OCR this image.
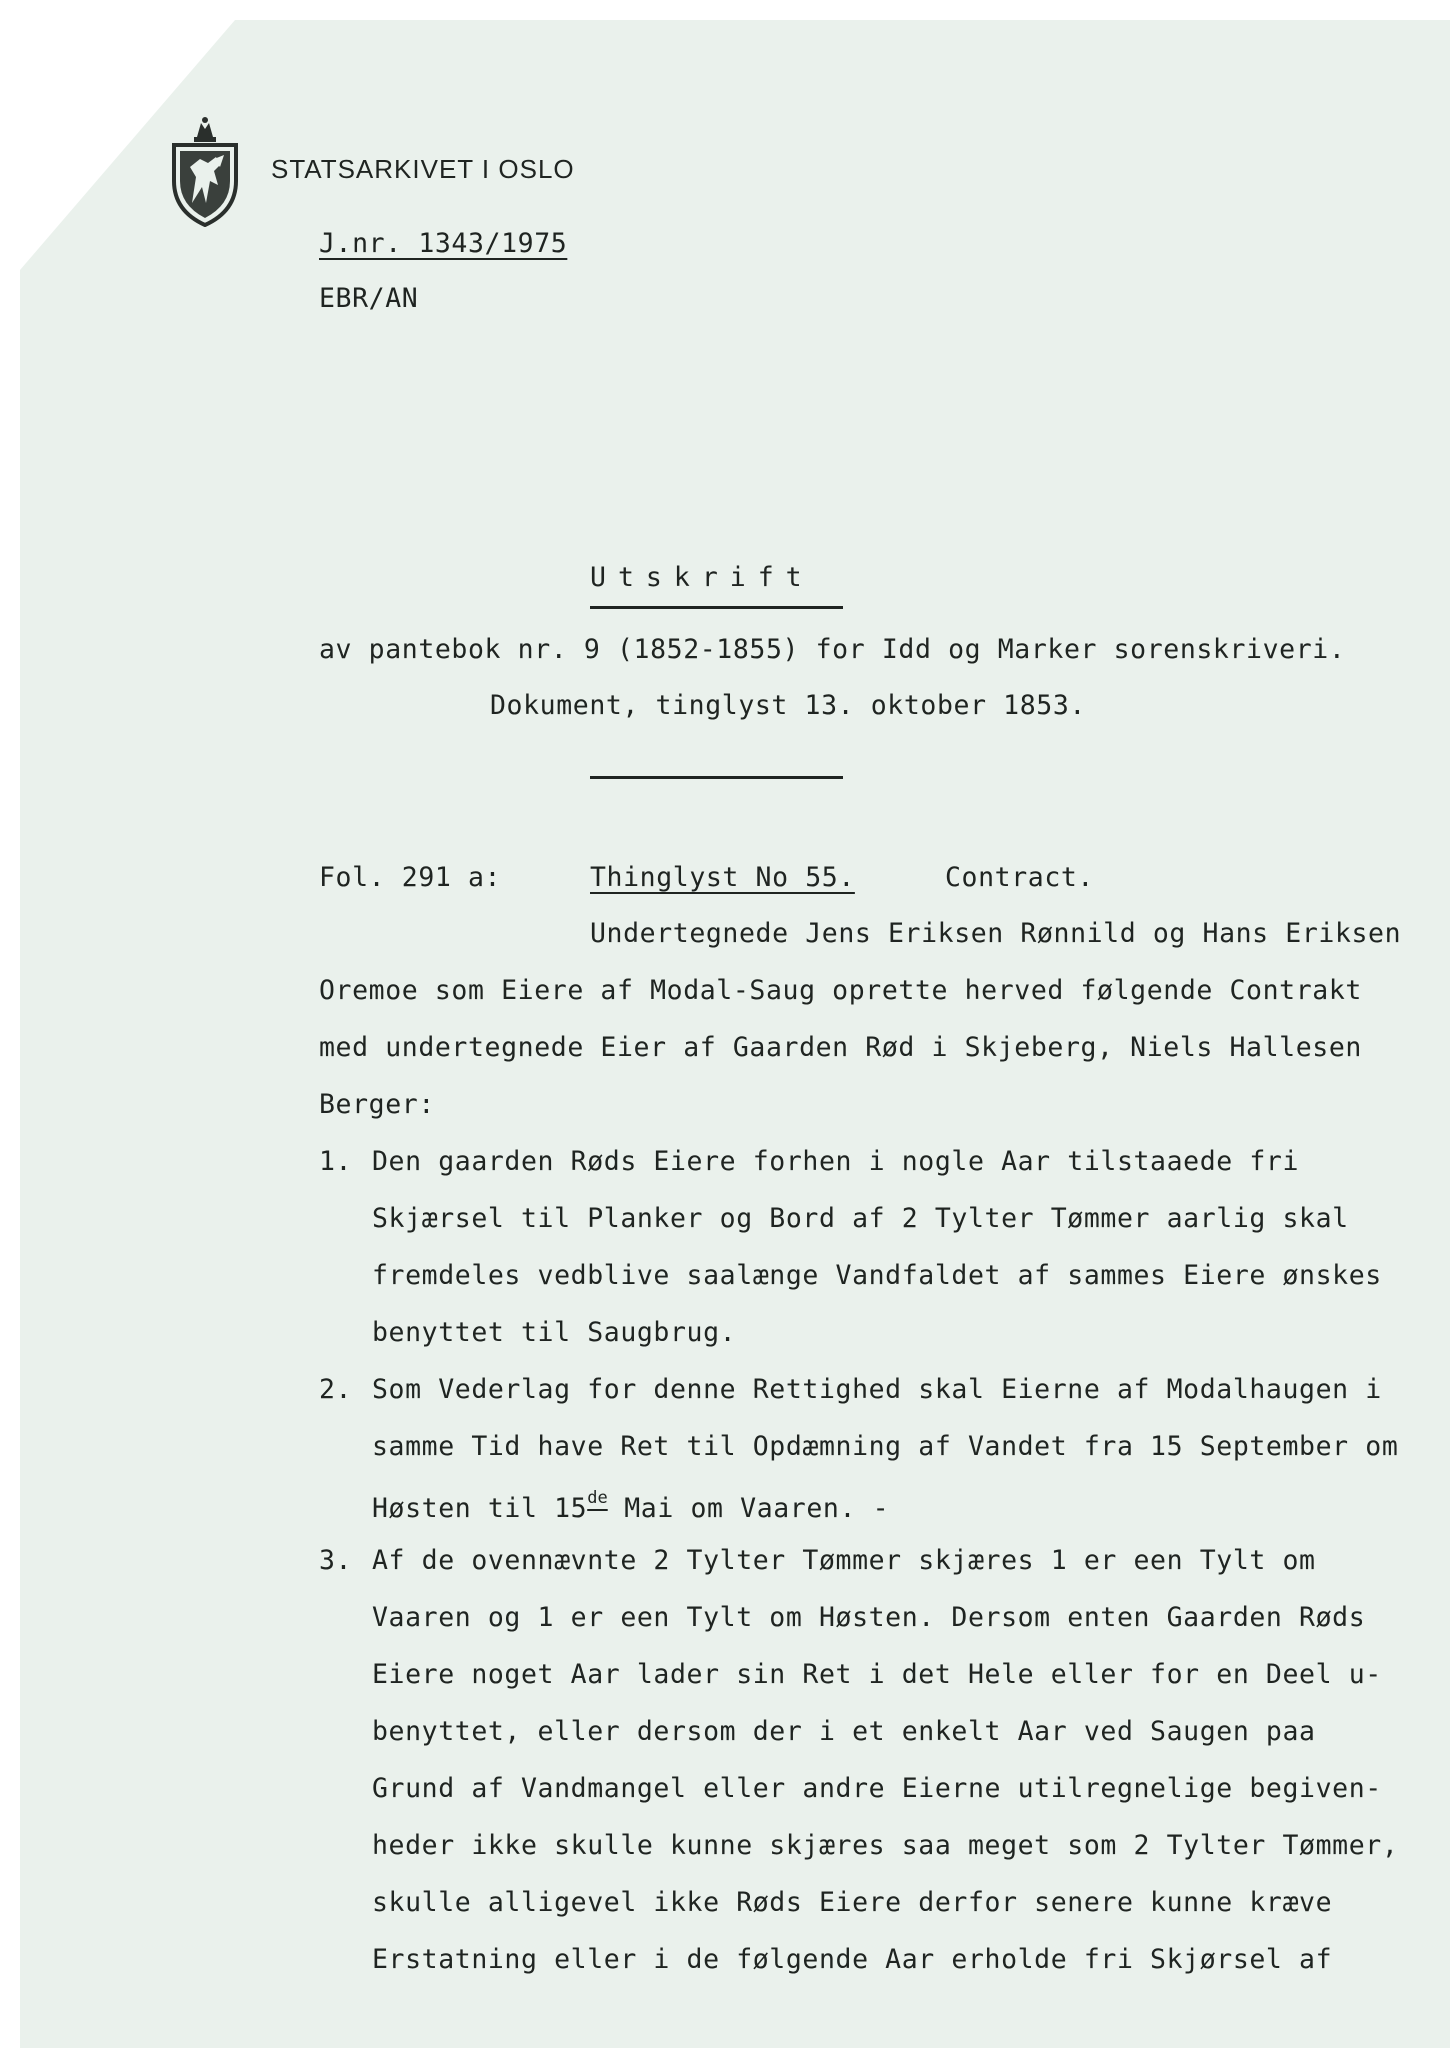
STATSARKIVET I OSLO
J.nr. 1343/1975
EBR/AN
Utskrift
av pantebok nr. 9 (1852-1855) for Idd og Marker sorenskriveri.
Dokument, tinglyst 13. oktober 1853.
Fol. 291 a:	Thinglyst No 55.	Contract.
Undertegnede Jens Eriksen Rønnild og Hans Eriksen
Oremoe som Eiere af Modal-Saug oprette herved følgende Contrakt
med undertegnede Eier af Gaarden Rød i Skjeberg, Niels Hallesen
Berger:
1. Den gaarden Røds Eiere forhen i nogle Aar tilstaaede fri
Skjærsel til Planker og Bord af 2 Tylter Tømmer aarlig skal
fremdeles vedblive saalænge Vandfaldet af sammes Eiere ønskes
benyttet til Saugbrug.
2. Som Vederlag for denne Rettighed skal Eierne af Modalhaugen i
samme Tid have Ret til Opdæmning af Vandet fra 15 September om
Høsten til 15de Mai om Vaaren. -
3. Af de ovennævnte 2 Tylter Tømmer skjæres 1 er een Tylt om
Vaaren og 1 er een Tylt om Høsten. Dersom enten Gaarden Røds
Eiere noget Aar lader sin Ret i det Hele eller for en Deel u-
benyttet, eller dersom der i et enkelt Aar ved Saugen paa
Grund af Vandmangel eller andre Eierne utilregnelige begiven-
heder ikke skulle kunne skjæres saa meget som 2 Tylter Tømmer,
skulle alligevel ikke Røds Eiere derfor senere kunne kræve
Erstatning eller i de følgende Aar erholde fri Skjørsel af
